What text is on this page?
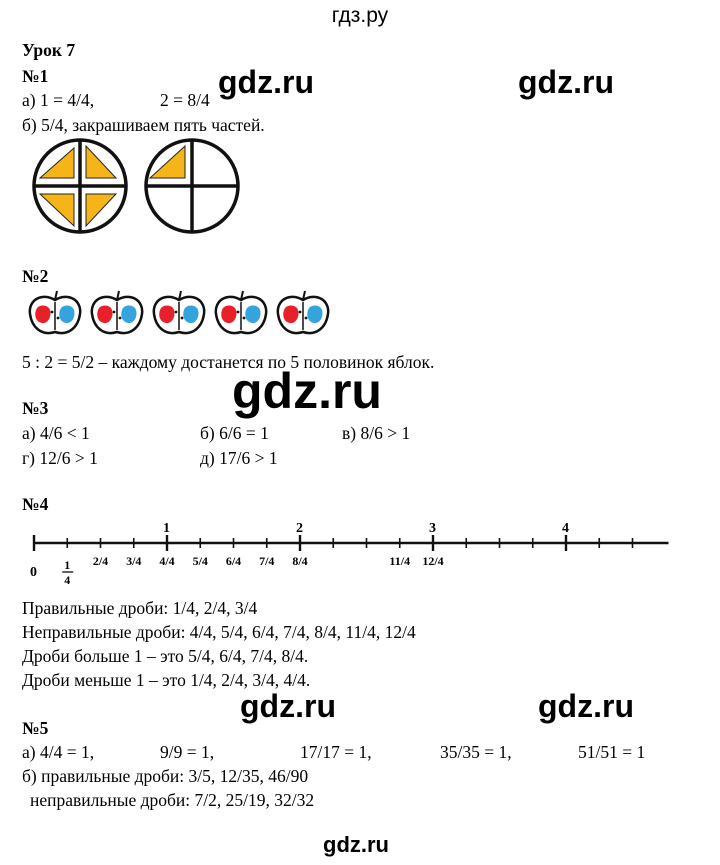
гдз.ру
Урок 7
№1
а) 1 = 4/4,	2 = 8/4
б) 5/4, закрашиваем пять частей.
gdz.ru	gdz.ru
№2
5 : 2 = 5/2 – каждому достанется по 5 половинок яблок.
gdz.ru
№3
а) 4/6 < 1	б) 6/6 = 1	в) 8/6 > 1
г) 12/6 > 1	д) 17/6 > 1
№4
1	2	3	4
0 1
4
2/4 3/4 4/4 5/4 6/4 7/4 8/4	11/4 12/4
Правильные дроби: 1/4, 2/4, 3/4
Неправильные дроби: 4/4, 5/4, 6/4, 7/4, 8/4, 11/4, 12/4
Дроби больше 1 – это 5/4, 6/4, 7/4, 8/4.
Дроби меньше 1 – это 1/4, 2/4, 3/4, 4/4.
gdz.ru	gdz.ru
№5
а) 4/4 = 1,	9/9 = 1,	17/17 = 1,	35/35 = 1,	51/51 = 1
б) правильные дроби: 3/5, 12/35, 46/90
неправильные дроби: 7/2, 25/19, 32/32
gdz.ru
